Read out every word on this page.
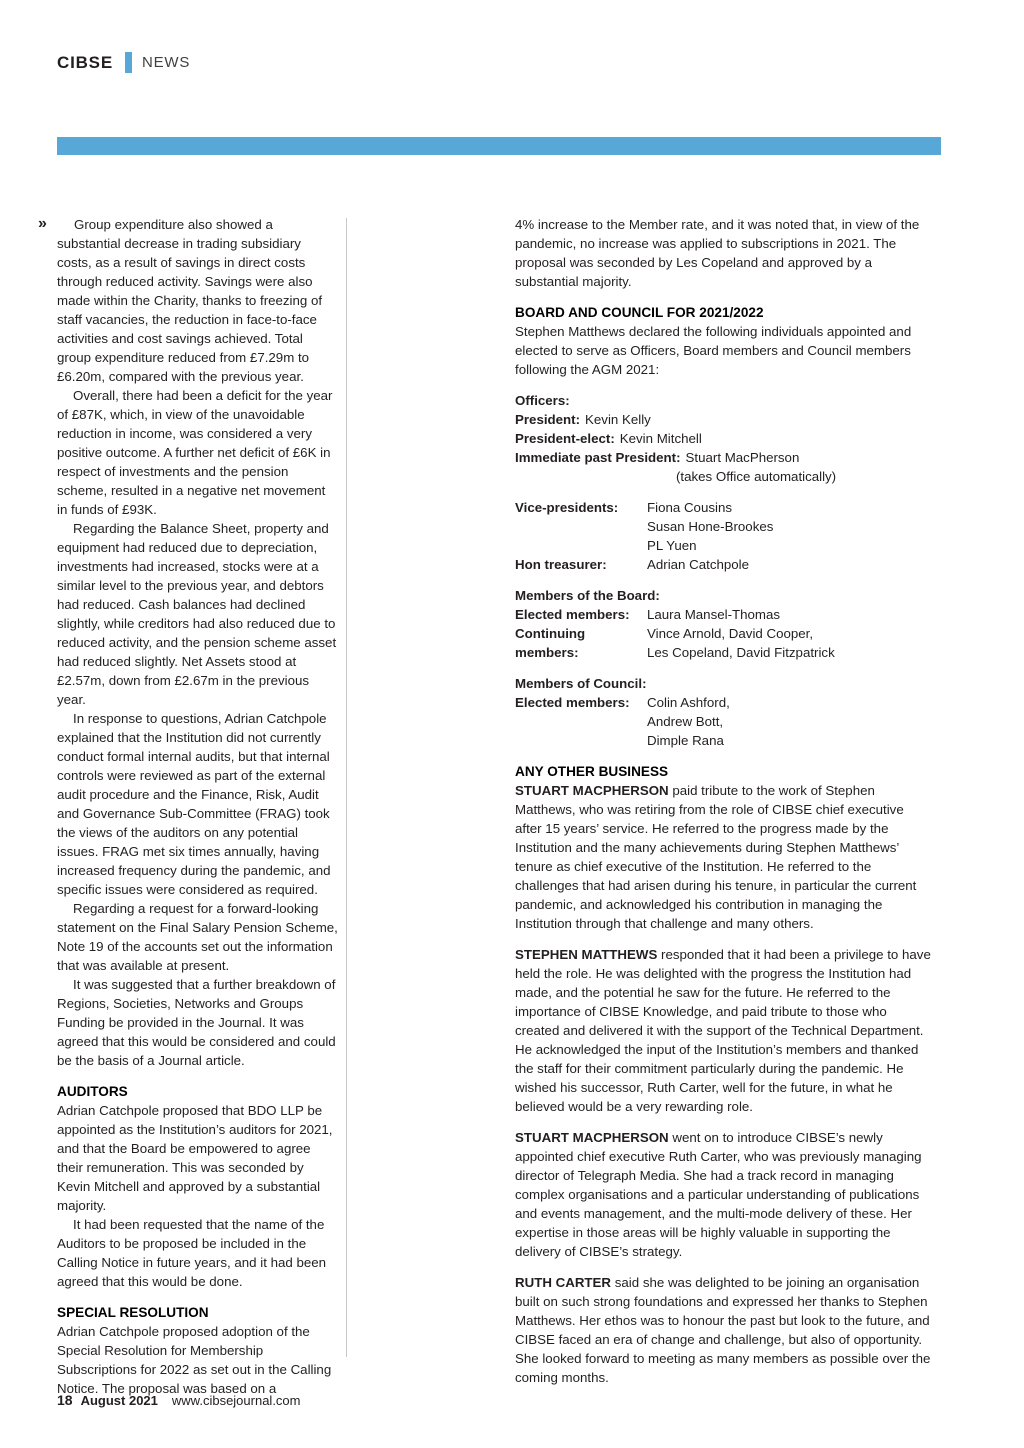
CIBSE NEWS

» Group expenditure also showed a substantial decrease in trading subsidiary costs, as a result of savings in direct costs through reduced activity. Savings were also made within the Charity, thanks to freezing of staff vacancies, the reduction in face-to-face activities and cost savings achieved. Total group expenditure reduced from £7.29m to £6.20m, compared with the previous year.

Overall, there had been a deficit for the year of £87K, which, in view of the unavoidable reduction in income, was considered a very positive outcome. A further net deficit of £6K in respect of investments and the pension scheme, resulted in a negative net movement in funds of £93K.

Regarding the Balance Sheet, property and equipment had reduced due to depreciation, investments had increased, stocks were at a similar level to the previous year, and debtors had reduced. Cash balances had declined slightly, while creditors had also reduced due to reduced activity, and the pension scheme asset had reduced slightly. Net Assets stood at £2.57m, down from £2.67m in the previous year.

In response to questions, Adrian Catchpole explained that the Institution did not currently conduct formal internal audits, but that internal controls were reviewed as part of the external audit procedure and the Finance, Risk, Audit and Governance Sub-Committee (FRAG) took the views of the auditors on any potential issues. FRAG met six times annually, having increased frequency during the pandemic, and specific issues were considered as required.

Regarding a request for a forward-looking statement on the Final Salary Pension Scheme, Note 19 of the accounts set out the information that was available at present.

It was suggested that a further breakdown of Regions, Societies, Networks and Groups Funding be provided in the Journal. It was agreed that this would be considered and could be the basis of a Journal article.

AUDITORS

Adrian Catchpole proposed that BDO LLP be appointed as the Institution’s auditors for 2021, and that the Board be empowered to agree their remuneration. This was seconded by Kevin Mitchell and approved by a substantial majority.

It had been requested that the name of the Auditors to be proposed be included in the Calling Notice in future years, and it had been agreed that this would be done.

SPECIAL RESOLUTION

Adrian Catchpole proposed adoption of the Special Resolution for Membership Subscriptions for 2022 as set out in the Calling Notice. The proposal was based on a

4% increase to the Member rate, and it was noted that, in view of the pandemic, no increase was applied to subscriptions in 2021. The proposal was seconded by Les Copeland and approved by a substantial majority.

BOARD AND COUNCIL FOR 2021/2022

Stephen Matthews declared the following individuals appointed and elected to serve as Officers, Board members and Council members following the AGM 2021:

Officers:
President: Kevin Kelly
President-elect: Kevin Mitchell
Immediate past President: Stuart MacPherson
(takes Office automatically)
Vice-presidents:	Fiona Cousins
Susan Hone-Brookes
PL Yuen
Hon treasurer:	Adrian Catchpole
Members of the Board:
Elected members:	Laura Mansel-Thomas
Continuing members:
Vince Arnold, David Cooper,
Les Copeland, David Fitzpatrick
Members of Council:
Elected members:	Colin Ashford,
Andrew Bott,
Dimple Rana
ANY OTHER BUSINESS

STUART MACPHERSON paid tribute to the work of Stephen Matthews, who was retiring from the role of CIBSE chief executive after 15 years’ service. He referred to the progress made by the Institution and the many achievements during Stephen Matthews’ tenure as chief executive of the Institution. He referred to the challenges that had arisen during his tenure, in particular the current pandemic, and acknowledged his contribution in managing the Institution through that challenge and many others.

STEPHEN MATTHEWS responded that it had been a privilege to have held the role. He was delighted with the progress the Institution had made, and the potential he saw for the future. He referred to the importance of CIBSE Knowledge, and paid tribute to those who created and delivered it with the support of the Technical Department. He acknowledged the input of the Institution’s members and thanked the staff for their commitment particularly during the pandemic. He wished his successor, Ruth Carter, well for the future, in what he believed would be a very rewarding role.

STUART MACPHERSON went on to introduce CIBSE’s newly appointed chief executive Ruth Carter, who was previously managing director of Telegraph Media. She had a track record in managing complex organisations and a particular understanding of publications and events management, and the multi-mode delivery of these. Her expertise in those areas will be highly valuable in supporting the delivery of CIBSE’s strategy.

RUTH CARTER said she was delighted to be joining an organisation built on such strong foundations and expressed her thanks to Stephen Matthews. Her ethos was to honour the past but look to the future, and CIBSE faced an era of change and challenge, but also of opportunity. She looked forward to meeting as many members as possible over the coming months.

18 August 2021 www.cibsejournal.com
